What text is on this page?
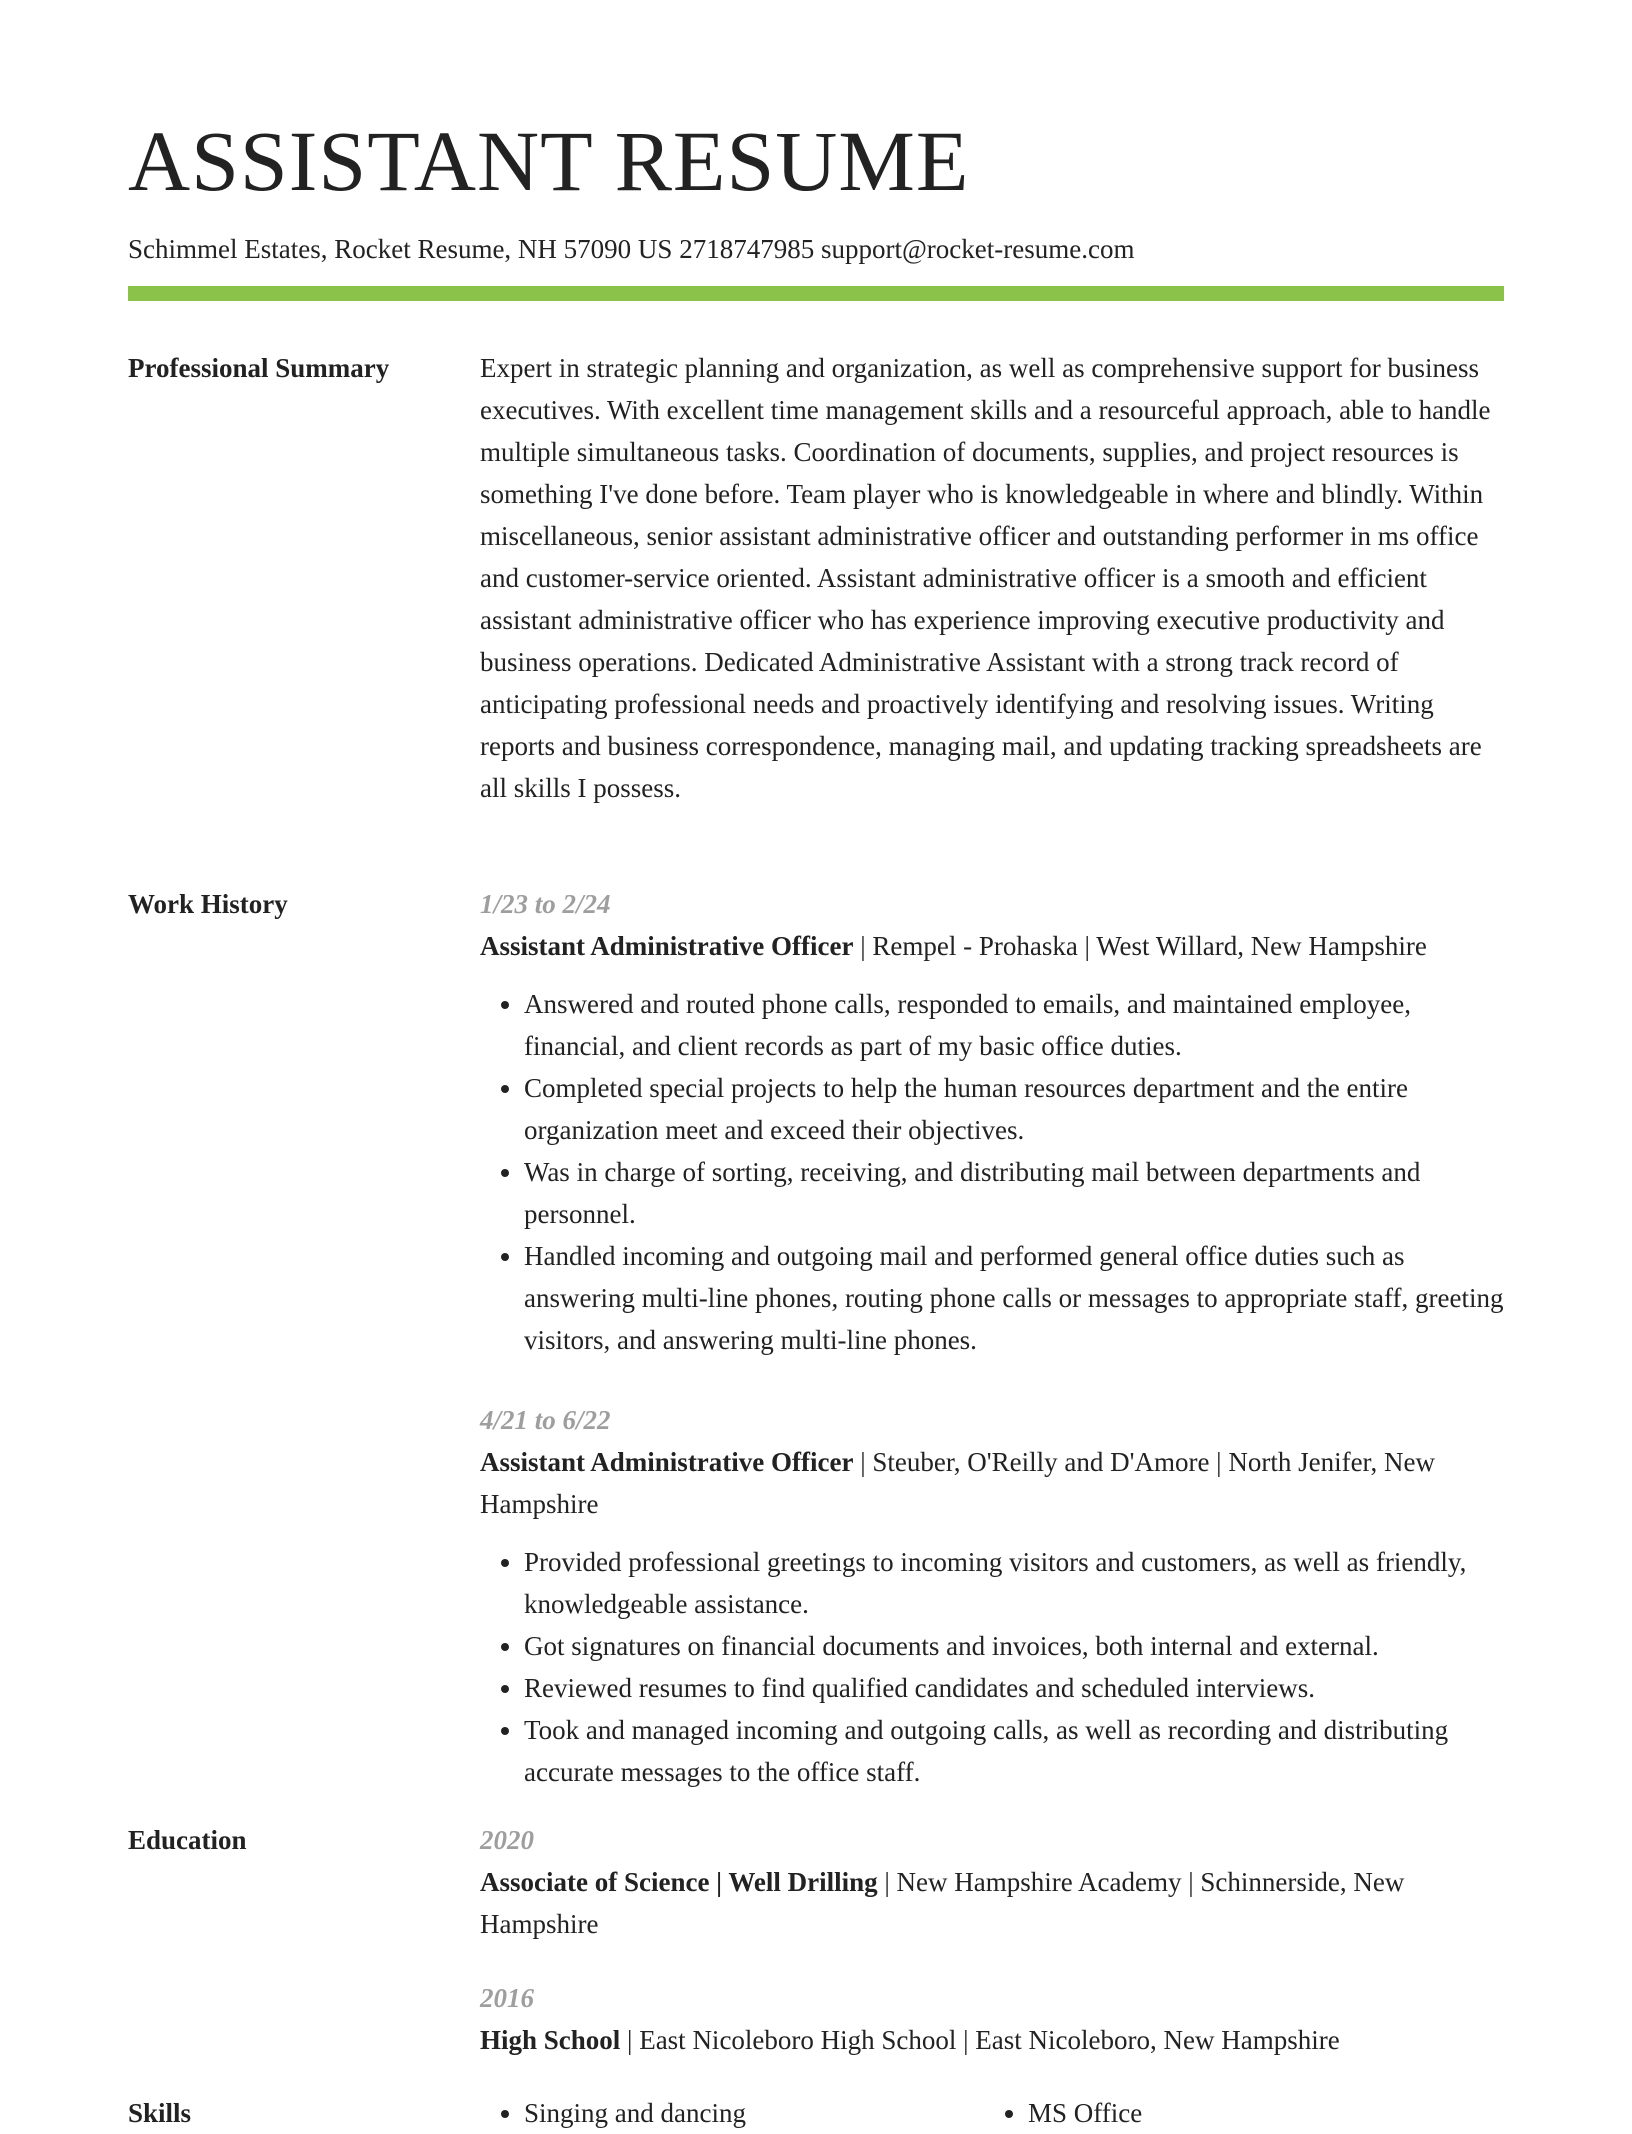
ASSISTANT RESUME

Schimmel Estates, Rocket Resume, NH 57090 US 2718747985 support@rocket-resume.com

Professional Summary	Expert in strategic planning and organization, as well as comprehensive support for business executives. With excellent time management skills and a resourceful approach, able to handle multiple simultaneous tasks. Coordination of documents, supplies, and project resources is something I've done before. Team player who is knowledgeable in where and blindly. Within miscellaneous, senior assistant administrative officer and outstanding performer in ms office and customer-service oriented. Assistant administrative officer is a smooth and efficient assistant administrative officer who has experience improving executive productivity and business operations. Dedicated Administrative Assistant with a strong track record of anticipating professional needs and proactively identifying and resolving issues. Writing reports and business correspondence, managing mail, and updating tracking spreadsheets are all skills I possess.

Work History	1/23 to 2/24

Assistant Administrative Officer | Rempel - Prohaska | West Willard, New Hampshire

• Answered and routed phone calls, responded to emails, and maintained employee, financial, and client records as part of my basic office duties.
• Completed special projects to help the human resources department and the entire organization meet and exceed their objectives.
• Was in charge of sorting, receiving, and distributing mail between departments and personnel.
• Handled incoming and outgoing mail and performed general office duties such as answering multi-line phones, routing phone calls or messages to appropriate staff, greeting visitors, and answering multi-line phones.

4/21 to 6/22

Assistant Administrative Officer | Steuber, O'Reilly and D'Amore | North Jenifer, New Hampshire

• Provided professional greetings to incoming visitors and customers, as well as friendly, knowledgeable assistance.
• Got signatures on financial documents and invoices, both internal and external.
• Reviewed resumes to find qualified candidates and scheduled interviews.
• Took and managed incoming and outgoing calls, as well as recording and distributing accurate messages to the office staff.
Education	2020

Associate of Science | Well Drilling | New Hampshire Academy | Schinnerside, New Hampshire

2016

High School | East Nicoleboro High School | East Nicoleboro, New Hampshire

Skills	• Singing and dancing	• MS Office
